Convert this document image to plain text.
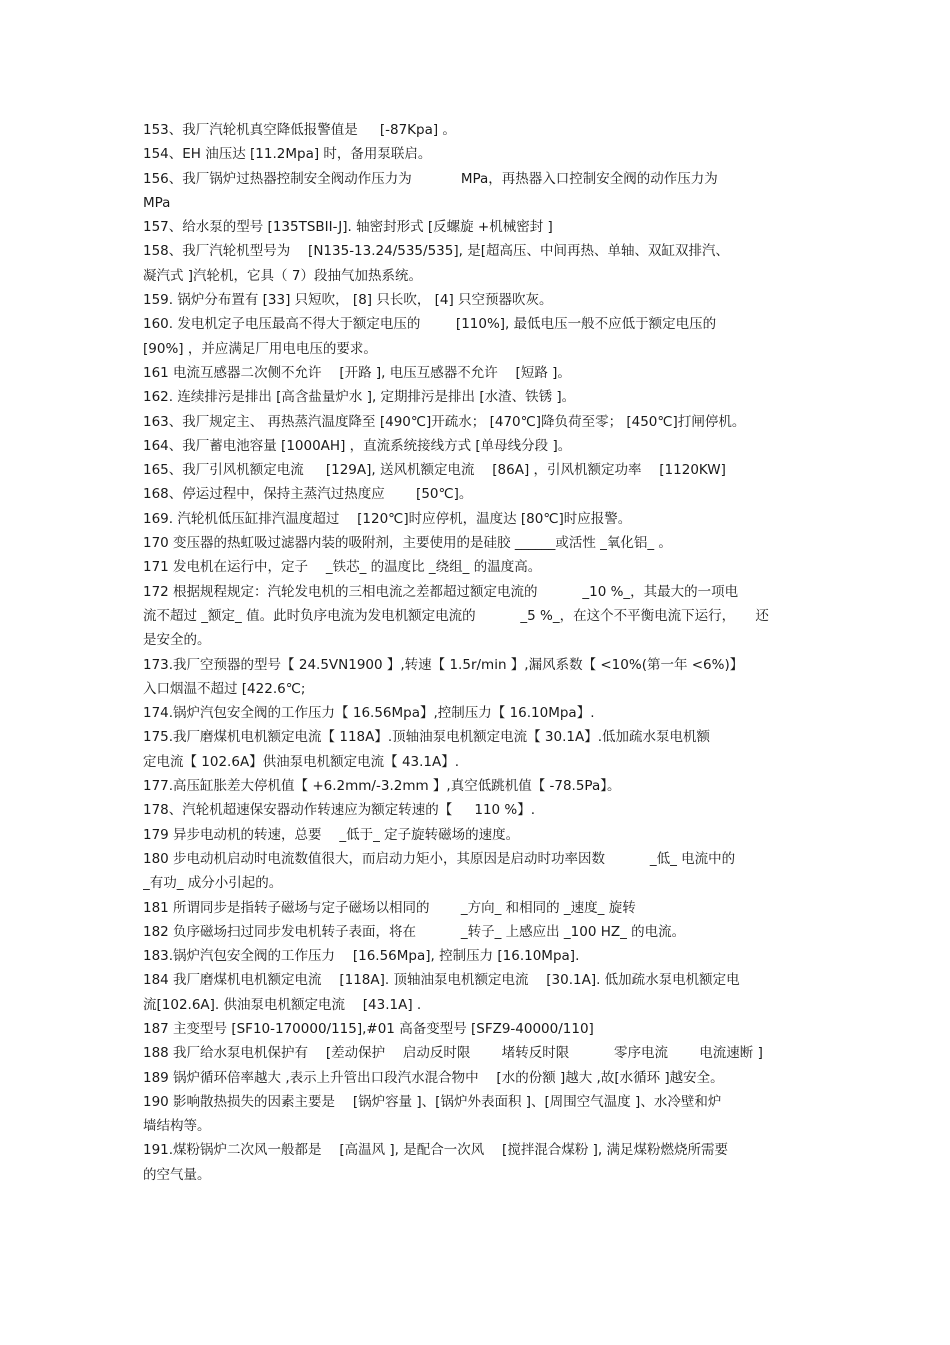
153、我厂汽轮机真空降低报警值是 　 [-87Kpa] 。
154、EH 油压达 [11.2Mpa] 时，备用泵联启。
156、我厂锅炉过热器控制安全阀动作压力为 　　　 MPa，再热器入口控制安全阀的动作压力为
MPa
157、给水泵的型号 [135TSBII-J]. 轴密封形式 [反螺旋 +机械密封 ]
158、我厂汽轮机型号为 　[N135-13.24/535/535], 是[超高压、中间再热、单轴、双缸双排汽、
凝汽式 ]汽轮机，它具（ 7）段抽气加热系统。
159. 锅炉分布置有 [33] 只短吹， [8] 只长吹， [4] 只空预器吹灰。
160. 发电机定子电压最高不得大于额定电压的 　　 [110%], 最低电压一般不应低于额定电压的
[90%] ，并应满足厂用电电压的要求。
161 电流互感器二次侧不允许 　[开路 ], 电压互感器不允许 　[短路 ]。
162. 连续排污是排出 [高含盐量炉水 ], 定期排污是排出 [水渣、铁锈 ]。
163、我厂规定主、 再热蒸汽温度降至 [490℃]开疏水； [470℃]降负荷至零； [450℃]打闸停机。
164、我厂蓄电池容量 [1000AH] ，直流系统接线方式 [单母线分段 ]。
165、我厂引风机额定电流 　 [129A], 送风机额定电流 　[86A] ，引风机额定功率 　[1120KW]
168、停运过程中，保持主蒸汽过热度应 　　[50℃]。
169. 汽轮机低压缸排汽温度超过 　[120℃]时应停机，温度达 [80℃]时应报警。
170 变压器的热虹吸过滤器内装的吸附剂，主要使用的是硅胶 ______或活性 _氧化铝_ 。
171 发电机在运行中，定子 　_铁芯_ 的温度比 _绕组_ 的温度高。
172 根据规程规定：汽轮发电机的三相电流之差都超过额定电流的 　　　_10 %_，其最大的一项电
流不超过 _额定_ 值。此时负序电流为发电机额定电流的 　　　_5 %_，在这个不平衡电流下运行，　　还
是安全的。
173.我厂空预器的型号【 24.5VN1900 】,转速【 1.5r/min 】,漏风系数【 <10%(第一年 <6%)】
入口烟温不超过 [422.6℃;
174.锅炉汽包安全阀的工作压力【 16.56Mpa】,控制压力【 16.10Mpa】.
175.我厂磨煤机电机额定电流【 118A】.顶轴油泵电机额定电流【 30.1A】.低加疏水泵电机额
定电流【 102.6A】供油泵电机额定电流【 43.1A】.
177.高压缸胀差大停机值【 +6.2mm/-3.2mm 】,真空低跳机值【 -78.5Pa】。
178、汽轮机超速保安器动作转速应为额定转速的【 　 110 %】.
179 异步电动机的转速，总要 　_低于_ 定子旋转磁场的速度。
180 步电动机启动时电流数值很大，而启动力矩小，其原因是启动时功率因数 　　　_低_ 电流中的
_有功_ 成分小引起的。
181 所谓同步是指转子磁场与定子磁场以相同的 　　_方向_ 和相同的 _速度_ 旋转
182 负序磁场扫过同步发电机转子表面，将在 　　　_转子_ 上感应出 _100 HZ_ 的电流。
183.锅炉汽包安全阀的工作压力 　[16.56Mpa], 控制压力 [16.10Mpa].
184 我厂磨煤机电机额定电流 　[118A]. 顶轴油泵电机额定电流 　[30.1A]. 低加疏水泵电机额定电
流[102.6A]. 供油泵电机额定电流 　[43.1A] .
187 主变型号 [SF10-170000/115],#01 高备变型号 [SFZ9-40000/110]
188 我厂给水泵电机保护有 　[差动保护 　启动反时限 　　堵转反时限 　　　零序电流 　　电流速断 ]
189 锅炉循环倍率越大 ,表示上升管出口段汽水混合物中 　[水的份额 ]越大 ,故[水循环 ]越安全。
190 影响散热损失的因素主要是 　[锅炉容量 ]、[锅炉外表面积 ]、[周围空气温度 ]、水冷壁和炉
墙结构等。
191.煤粉锅炉二次风一般都是 　[高温风 ], 是配合一次风 　[搅拌混合煤粉 ], 满足煤粉燃烧所需要
的空气量。
